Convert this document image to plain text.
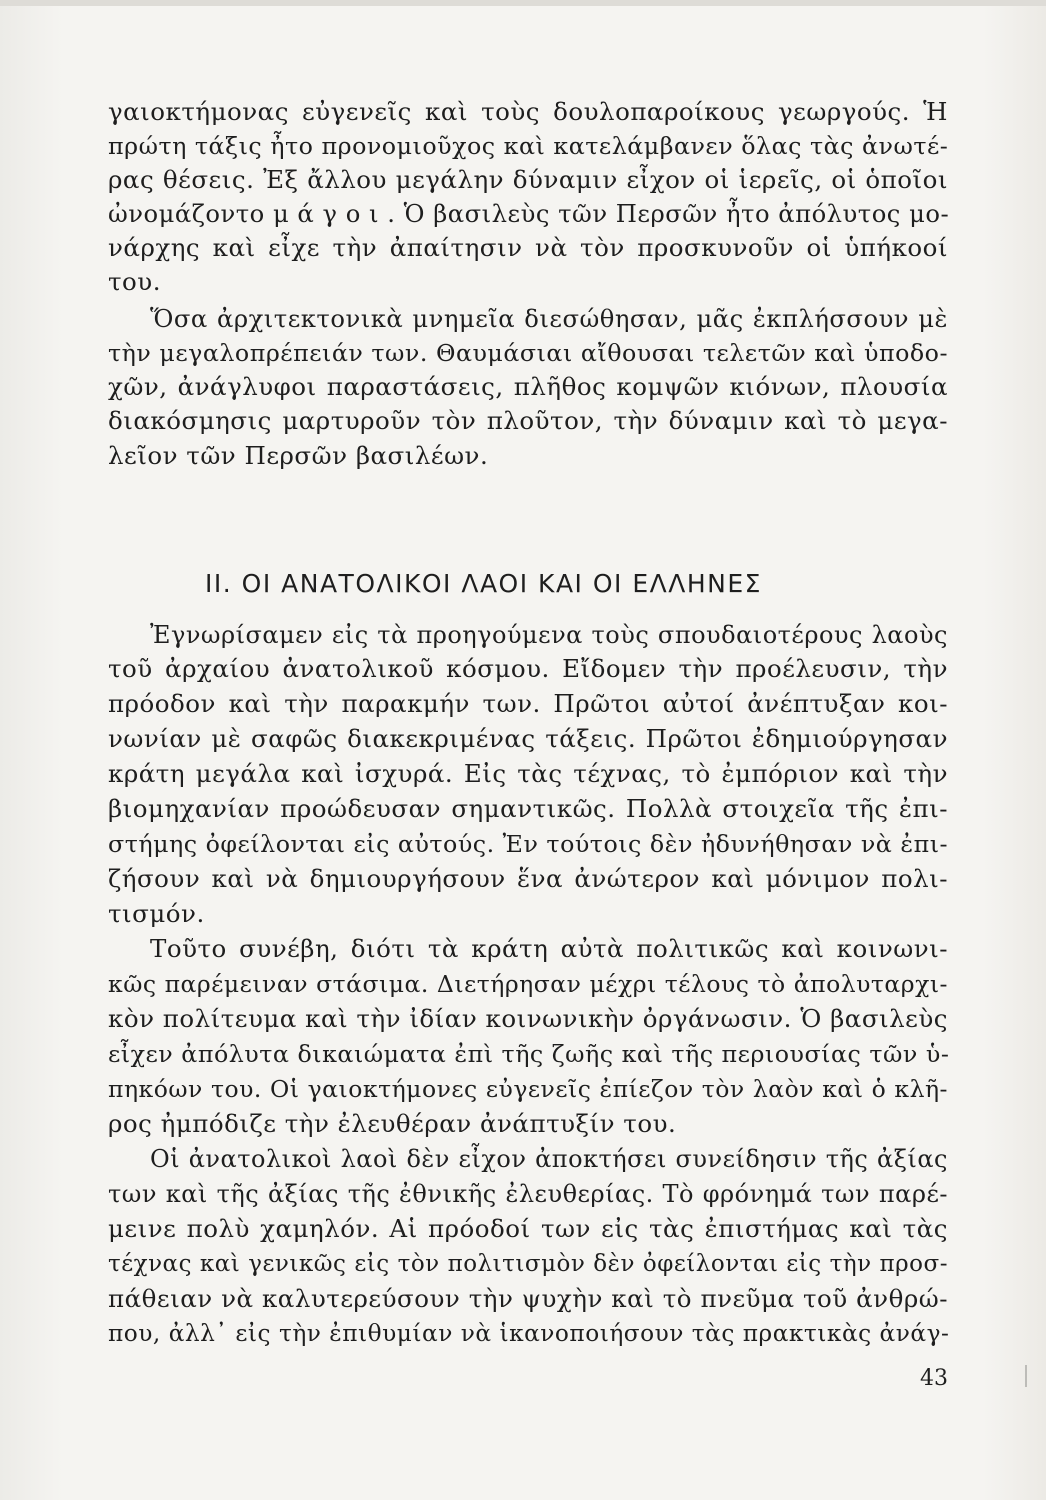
γαιοκτήμονας εὐγενεῖς καὶ τοὺς δουλοπαροίκους γεωργούς. Ἡ
πρώτη τάξις ἦτο προνομιοῦχος καὶ κατελάμβανεν ὅλας τὰς ἀνωτέ-
ρας θέσεις. Ἐξ ἄλλου μεγάλην δύναμιν εἶχον οἱ ἱερεῖς, οἱ ὁποῖοι
ὠνομάζοντο μ ά γ ο ι . Ὁ βασιλεὺς τῶν Περσῶν ἦτο ἀπόλυτος μο-
νάρχης καὶ εἶχε τὴν ἀπαίτησιν νὰ τὸν προσκυνοῦν οἱ ὑπήκοοί
του.
Ὅσα ἀρχιτεκτονικὰ μνημεῖα διεσώθησαν, μᾶς ἐκπλήσσουν μὲ
τὴν μεγαλοπρέπειάν των. Θαυμάσιαι αἴθουσαι τελετῶν καὶ ὑποδο-
χῶν, ἀνάγλυφοι παραστάσεις, πλῆθος κομψῶν κιόνων, πλουσία
διακόσμησις μαρτυροῦν τὸν πλοῦτον, τὴν δύναμιν καὶ τὸ μεγα-
λεῖον τῶν Περσῶν βασιλέων.
II. ΟΙ ΑΝΑΤΟΛΙΚΟΙ ΛΑΟΙ ΚΑΙ ΟΙ ΕΛΛΗΝΕΣ
Ἐγνωρίσαμεν εἰς τὰ προηγούμενα τοὺς σπουδαιοτέρους λαοὺς
τοῦ ἀρχαίου ἀνατολικοῦ κόσμου. Εἴδομεν τὴν προέλευσιν, τὴν
πρόοδον καὶ τὴν παρακμήν των. Πρῶτοι αὐτοί ἀνέπτυξαν κοι-
νωνίαν μὲ σαφῶς διακεκριμένας τάξεις. Πρῶτοι ἐδημιούργησαν
κράτη μεγάλα καὶ ἰσχυρά. Εἰς τὰς τέχνας, τὸ ἐμπόριον καὶ τὴν
βιομηχανίαν προώδευσαν σημαντικῶς. Πολλὰ στοιχεῖα τῆς ἐπι-
στήμης ὀφείλονται εἰς αὐτούς. Ἐν τούτοις δὲν ἠδυνήθησαν νὰ ἐπι-
ζήσουν καὶ νὰ δημιουργήσουν ἕνα ἀνώτερον καὶ μόνιμον πολι-
τισμόν.
Τοῦτο συνέβη, διότι τὰ κράτη αὐτὰ πολιτικῶς καὶ κοινωνι-
κῶς παρέμειναν στάσιμα. Διετήρησαν μέχρι τέλους τὸ ἀπολυταρχι-
κὸν πολίτευμα καὶ τὴν ἰδίαν κοινωνικὴν ὀργάνωσιν. Ὁ βασιλεὺς
εἶχεν ἀπόλυτα δικαιώματα ἐπὶ τῆς ζωῆς καὶ τῆς περιουσίας τῶν ὑ-
πηκόων του. Οἱ γαιοκτήμονες εὐγενεῖς ἐπίεζον τὸν λαὸν καὶ ὁ κλῆ-
ρος ἠμπόδιζε τὴν ἐλευθέραν ἀνάπτυξίν του.
Οἱ ἀνατολικοὶ λαοὶ δὲν εἶχον ἀποκτήσει συνείδησιν τῆς ἀξίας
των καὶ τῆς ἀξίας τῆς ἐθνικῆς ἐλευθερίας. Τὸ φρόνημά των παρέ-
μεινε πολὺ χαμηλόν. Αἱ πρόοδοί των εἰς τὰς ἐπιστήμας καὶ τὰς
τέχνας καὶ γενικῶς εἰς τὸν πολιτισμὸν δὲν ὀφείλονται εἰς τὴν προσ-
πάθειαν νὰ καλυτερεύσουν τὴν ψυχὴν καὶ τὸ πνεῦμα τοῦ ἀνθρώ-
που, ἀλλ᾽ εἰς τὴν ἐπιθυμίαν νὰ ἱκανοποιήσουν τὰς πρακτικὰς ἀνάγ-
43
